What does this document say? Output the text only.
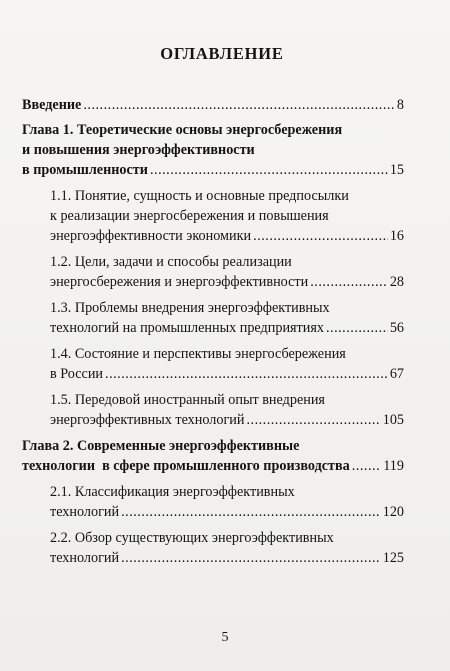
ОГЛАВЛЕНИЕ
Введение .....	8
Глава 1. Теоретические основы энергосбережения
и повышения энергоэффективности
в промышленности .....	15
1.1. Понятие, сущность и основные предпосылки
к реализации энергосбережения и повышения
энергоэффективности экономики .....	16
1.2. Цели, задачи и способы реализации
энергосбережения и энергоэффективности .....	28
1.3. Проблемы внедрения энергоэффективных
технологий на промышленных предприятиях .....	56
1.4. Состояние и перспективы энергосбережения
в России .....	67
1.5. Передовой иностранный опыт внедрения
энергоэффективных технологий .....	105
Глава 2. Современные энергоэффективные
технологии  в сфере промышленного производства ..... 119
2.1. Классификация энергоэффективных
технологий .....	120
2.2. Обзор существующих энергоэффективных
технологий .....	125
5
